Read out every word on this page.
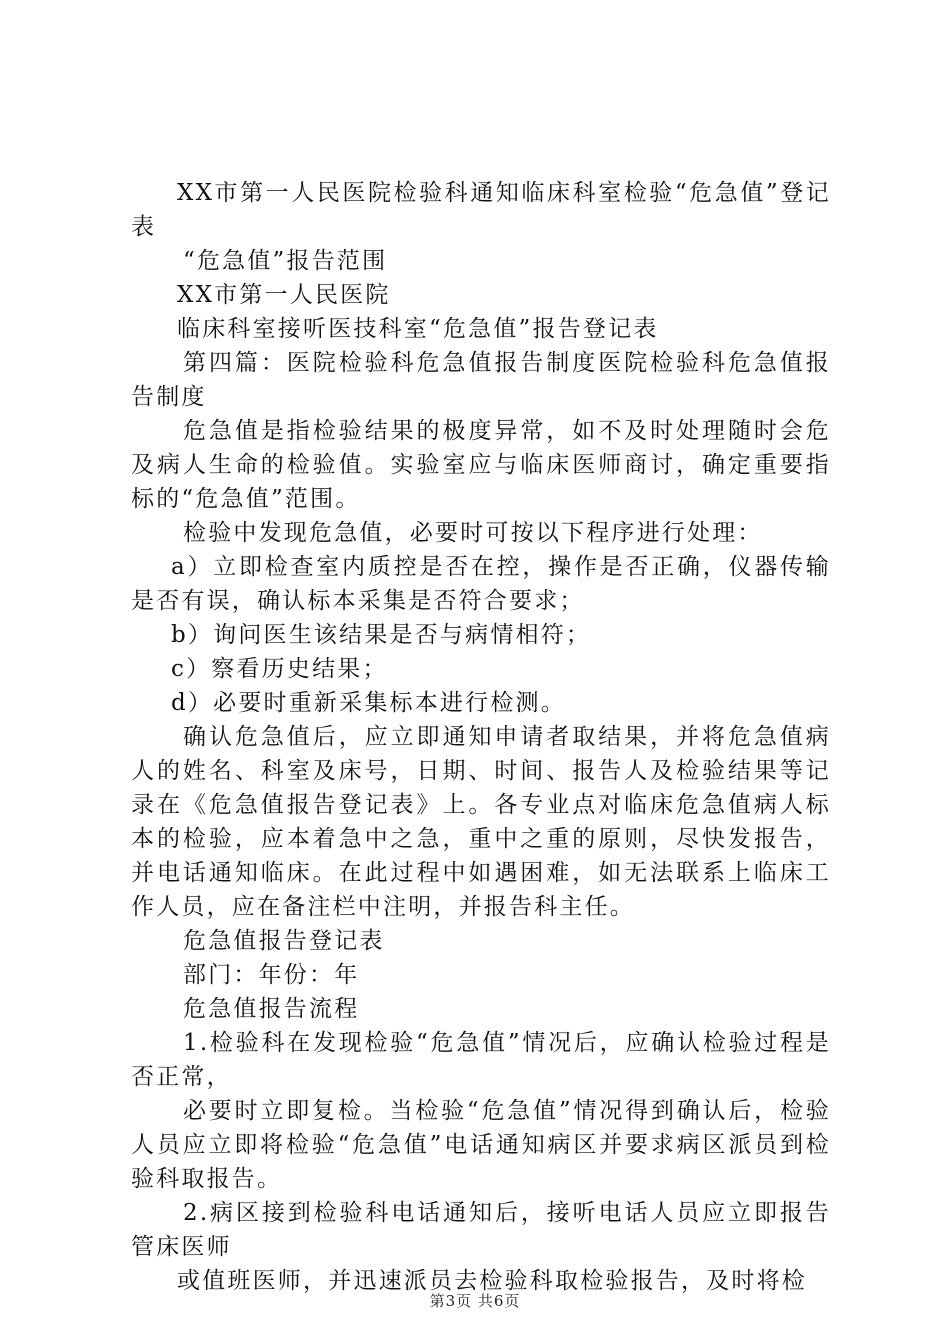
XX市第一人民医院检验科通知临床科室检验“危急值”登记表

“危急值”报告范围

XX市第一人民医院

临床科室接听医技科室“危急值”报告登记表

第四篇：医院检验科危急值报告制度医院检验科危急值报告制度

危急值是指检验结果的极度异常，如不及时处理随时会危及病人生命的检验值。实验室应与临床医师商讨，确定重要指标的“危急值”范围。

检验中发现危急值，必要时可按以下程序进行处理：

a）立即检查室内质控是否在控，操作是否正确，仪器传输是否有误，确认标本采集是否符合要求；

b）询问医生该结果是否与病情相符；

c）察看历史结果；

d）必要时重新采集标本进行检测。

确认危急值后，应立即通知申请者取结果，并将危急值病人的姓名、科室及床号，日期、时间、报告人及检验结果等记录在《危急值报告登记表》上。各专业点对临床危急值病人标本的检验，应本着急中之急，重中之重的原则，尽快发报告，并电话通知临床。在此过程中如遇困难，如无法联系上临床工作人员，应在备注栏中注明，并报告科主任。

危急值报告登记表

部门：年份：年

危急值报告流程

1.检验科在发现检验“危急值”情况后，应确认检验过程是否正常，

必要时立即复检。当检验“危急值”情况得到确认后，检验人员应立即将检验“危急值”电话通知病区并要求病区派员到检验科取报告。

2.病区接到检验科电话通知后，接听电话人员应立即报告管床医师

或值班医师，并迅速派员去检验科取检验报告，及时将检

第3页 共6页
